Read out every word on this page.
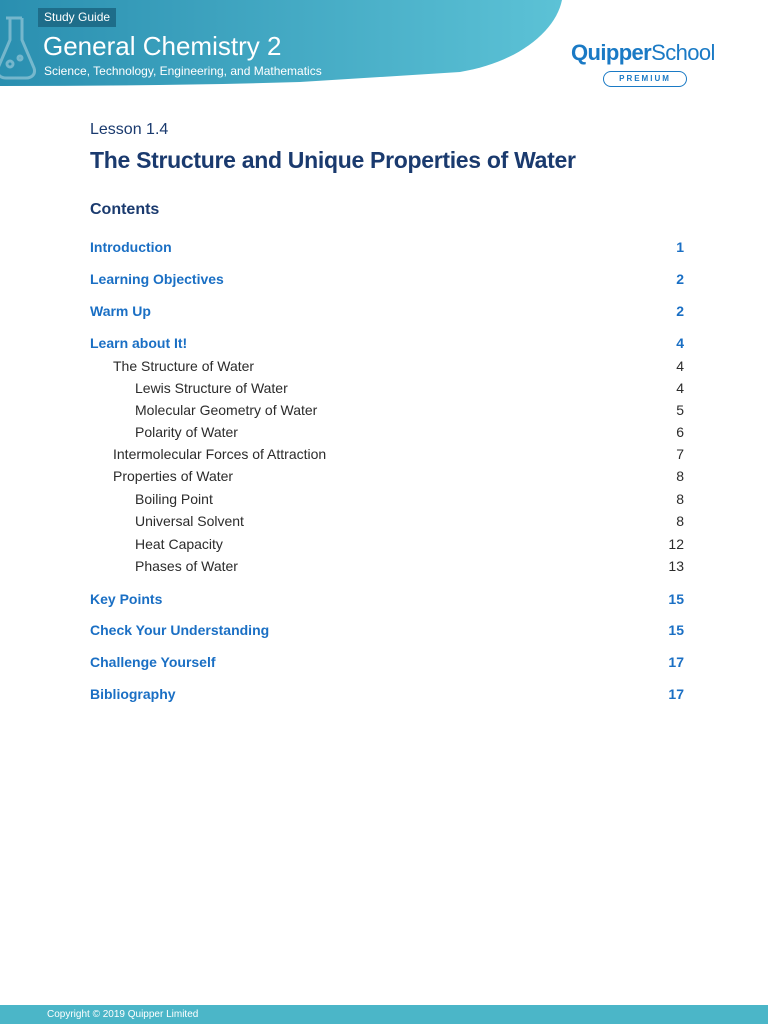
Study Guide
General Chemistry 2
Science, Technology, Engineering, and Mathematics
QuipperSchool
PREMIUM
Lesson 1.4
The Structure and Unique Properties of Water
Contents
Introduction	1
Learning Objectives	2
Warm Up	2
Learn about It!	4
The Structure of Water	4
Lewis Structure of Water	4
Molecular Geometry of Water	5
Polarity of Water	6
Intermolecular Forces of Attraction	7
Properties of Water	8
Boiling Point	8
Universal Solvent	8
Heat Capacity	12
Phases of Water	13
Key Points	15
Check Your Understanding	15
Challenge Yourself	17
Bibliography	17
Copyright © 2019 Quipper Limited
